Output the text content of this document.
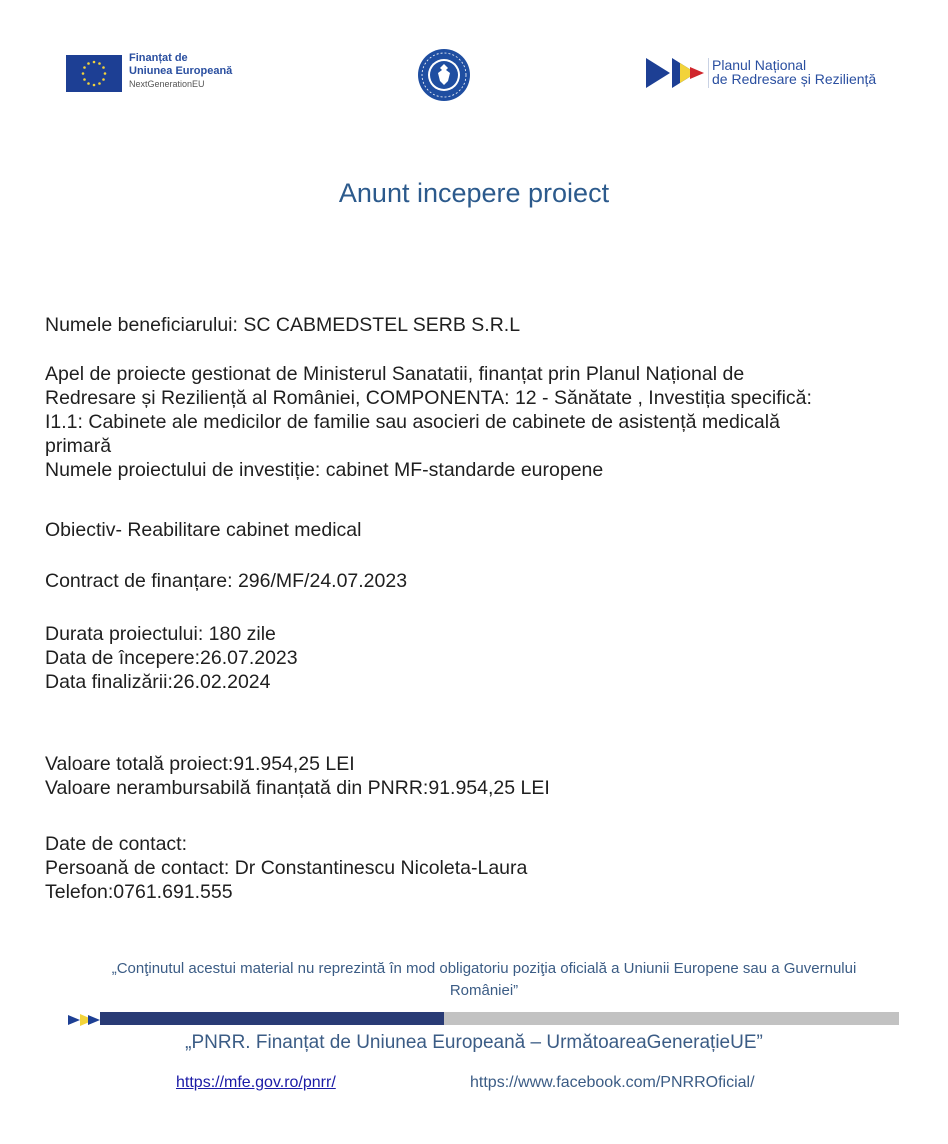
Finanțat de
Uniunea Europeană
NextGenerationEU
Planul Național
de Redresare și Reziliență
Anunt incepere proiect
Numele beneficiarului: SC CABMEDSTEL SERB S.R.L
Apel de proiecte gestionat de Ministerul Sanatatii, finanțat prin Planul Național de
Redresare și Reziliență al României, COMPONENTA: 12 - Sănătate , Investiția specifică:
I1.1: Cabinete ale medicilor de familie sau asocieri de cabinete de asistență medicală
primară
Numele proiectului de investiție: cabinet MF-standarde europene
Obiectiv- Reabilitare cabinet medical
Contract de finanțare: 296/MF/24.07.2023
Durata proiectului: 180 zile
Data de începere:26.07.2023
Data finalizării:26.02.2024
Valoare totală proiect:91.954,25 LEI
Valoare nerambursabilă finanțată din PNRR:91.954,25 LEI
Date de contact:
Persoană de contact: Dr Constantinescu Nicoleta-Laura
Telefon:0761.691.555
„Conţinutul acestui material nu reprezintă în mod obligatoriu poziţia oficială a Uniunii Europene sau a Guvernului
României”
„PNRR. Finanțat de Uniunea Europeană – UrmătoareaGenerațieUE”
https://mfe.gov.ro/pnrr/	https://www.facebook.com/PNRROficial/
